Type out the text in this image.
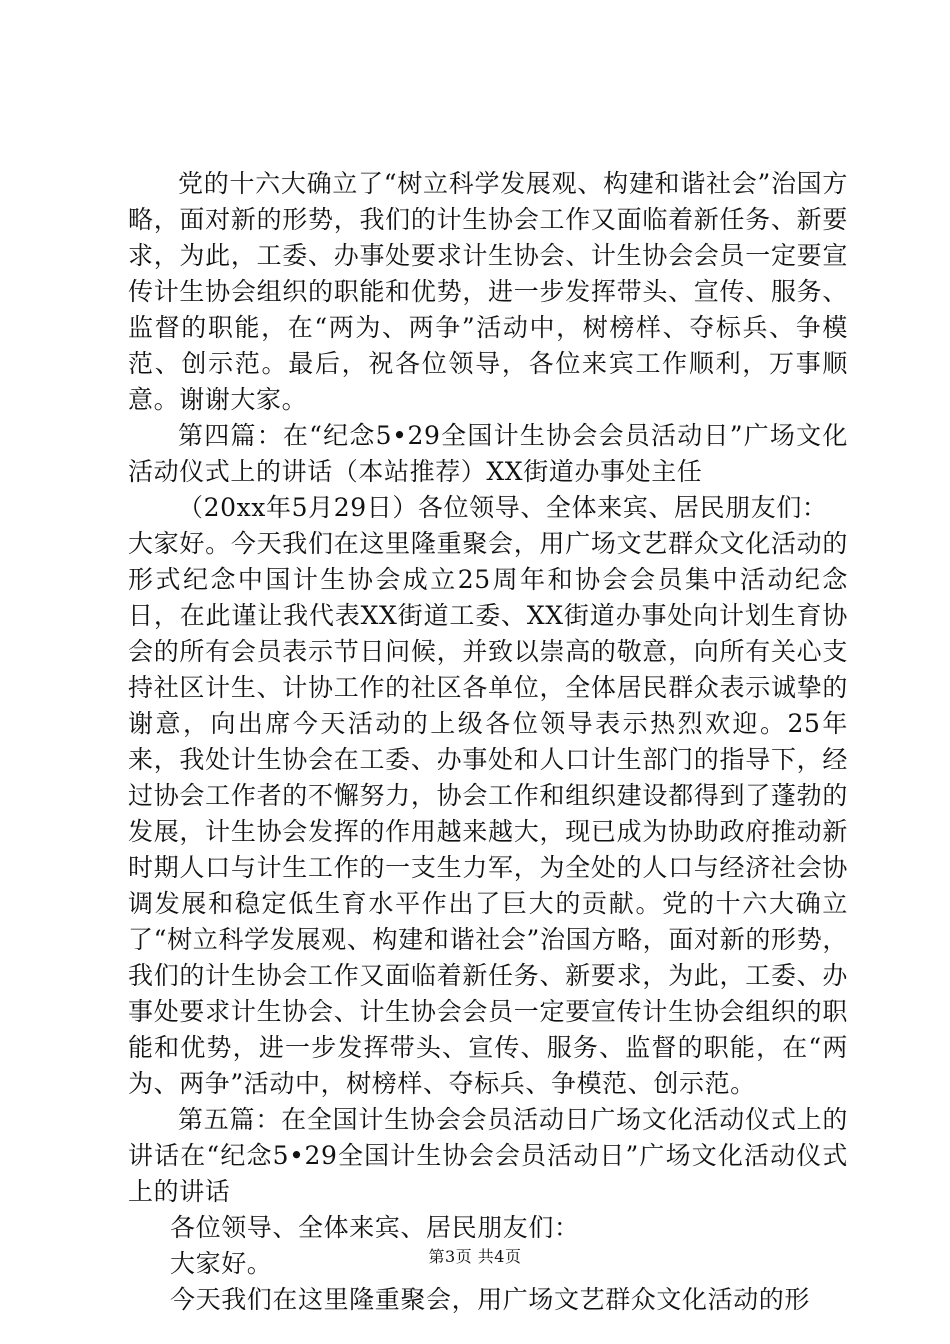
党的十六大确立了“树立科学发展观、构建和谐社会”治国方略，面对新的形势，我们的计生协会工作又面临着新任务、新要求，为此，工委、办事处要求计生协会、计生协会会员一定要宣传计生协会组织的职能和优势，进一步发挥带头、宣传、服务、监督的职能，在“两为、两争”活动中，树榜样、夺标兵、争模范、创示范。最后，祝各位领导，各位来宾工作顺利，万事顺意。谢谢大家。

第四篇：在“纪念5•29全国计生协会会员活动日”广场文化活动仪式上的讲话（本站推荐）XX街道办事处主任

（20xx年5月29日）各位领导、全体来宾、居民朋友们：

大家好。今天我们在这里隆重聚会，用广场文艺群众文化活动的形式纪念中国计生协会成立25周年和协会会员集中活动纪念日，在此谨让我代表XX街道工委、XX街道办事处向计划生育协会的所有会员表示节日问候，并致以崇高的敬意，向所有关心支持社区计生、计协工作的社区各单位，全体居民群众表示诚挚的谢意，向出席今天活动的上级各位领导表示热烈欢迎。25年来，我处计生协会在工委、办事处和人口计生部门的指导下，经过协会工作者的不懈努力，协会工作和组织建设都得到了蓬勃的发展，计生协会发挥的作用越来越大，现已成为协助政府推动新时期人口与计生工作的一支生力军，为全处的人口与经济社会协调发展和稳定低生育水平作出了巨大的贡献。党的十六大确立了“树立科学发展观、构建和谐社会”治国方略，面对新的形势，我们的计生协会工作又面临着新任务、新要求，为此，工委、办事处要求计生协会、计生协会会员一定要宣传计生协会组织的职能和优势，进一步发挥带头、宣传、服务、监督的职能，在“两为、两争”活动中，树榜样、夺标兵、争模范、创示范。

第五篇：在全国计生协会会员活动日广场文化活动仪式上的讲话在“纪念5•29全国计生协会会员活动日”广场文化活动仪式上的讲话

各位领导、全体来宾、居民朋友们：

大家好。

今天我们在这里隆重聚会，用广场文艺群众文化活动的形

第3页 共4页
